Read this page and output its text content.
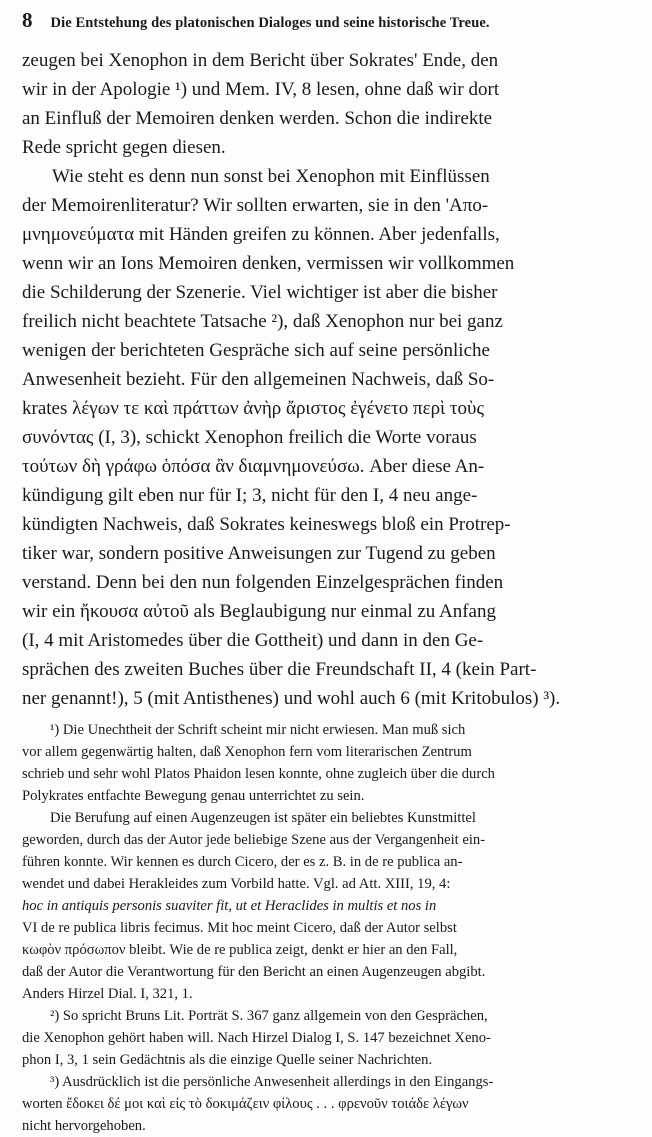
8 Die Entstehung des platonischen Dialoges und seine historische Treue.
zeugen bei Xenophon in dem Bericht über Sokrates' Ende, den
wir in der Apologie ¹) und Mem. IV, 8 lesen, ohne daß wir dort
an Einfluß der Memoiren denken werden. Schon die indirekte
Rede spricht gegen diesen.
Wie steht es denn nun sonst bei Xenophon mit Einflüssen
der Memoirenliteratur? Wir sollten erwarten, sie in den 'Απο-
μνημονεύματα mit Händen greifen zu können. Aber jedenfalls,
wenn wir an Ions Memoiren denken, vermissen wir vollkommen
die Schilderung der Szenerie. Viel wichtiger ist aber die bisher
freilich nicht beachtete Tatsache ²), daß Xenophon nur bei ganz
wenigen der berichteten Gespräche sich auf seine persönliche
Anwesenheit bezieht. Für den allgemeinen Nachweis, daß So-
krates λέγων τε καὶ πράττων ἀνὴρ ἄριστος ἐγένετο περὶ τοὺς
συνόντας (I, 3), schickt Xenophon freilich die Worte voraus
τούτων δὴ γράφω ὁπόσα ἂν διαμνημονεύσω. Aber diese An-
kündigung gilt eben nur für I; 3, nicht für den I, 4 neu ange-
kündigten Nachweis, daß Sokrates keineswegs bloß ein Protrep-
tiker war, sondern positive Anweisungen zur Tugend zu geben
verstand. Denn bei den nun folgenden Einzelgesprächen finden
wir ein ἤκουσα αὐτοῦ als Beglaubigung nur einmal zu Anfang
(I, 4 mit Aristomedes über die Gottheit) und dann in den Ge-
sprächen des zweiten Buches über die Freundschaft II, 4 (kein Part-
ner genannt!), 5 (mit Antisthenes) und wohl auch 6 (mit Kritobulos) ³).
¹) Die Unechtheit der Schrift scheint mir nicht erwiesen. Man muß sich
vor allem gegenwärtig halten, daß Xenophon fern vom literarischen Zentrum
schrieb und sehr wohl Platos Phaidon lesen konnte, ohne zugleich über die durch
Polykrates entfachte Bewegung genau unterrichtet zu sein.
Die Berufung auf einen Augenzeugen ist später ein beliebtes Kunstmittel
geworden, durch das der Autor jede beliebige Szene aus der Vergangenheit ein-
führen konnte. Wir kennen es durch Cicero, der es z. B. in de re publica an-
wendet und dabei Herakleides zum Vorbild hatte. Vgl. ad Att. XIII, 19, 4:
hoc in antiquis personis suaviter fit, ut et Heraclides in multis et nos in
VI de re publica libris fecimus. Mit hoc meint Cicero, daß der Autor selbst
κωφὸν πρόσωπον bleibt. Wie de re publica zeigt, denkt er hier an den Fall,
daß der Autor die Verantwortung für den Bericht an einen Augenzeugen abgibt.
Anders Hirzel Dial. I, 321, 1.
²) So spricht Bruns Lit. Porträt S. 367 ganz allgemein von den Gesprächen,
die Xenophon gehört haben will. Nach Hirzel Dialog I, S. 147 bezeichnet Xeno-
phon I, 3, 1 sein Gedächtnis als die einzige Quelle seiner Nachrichten.
³) Ausdrücklich ist die persönliche Anwesenheit allerdings in den Eingangs-
worten ἔδοκει δέ μοι καὶ εἰς τὸ δοκιμάζειν φίλους . . . φρενοῦν τοιάδε λέγων
nicht hervorgehoben.
